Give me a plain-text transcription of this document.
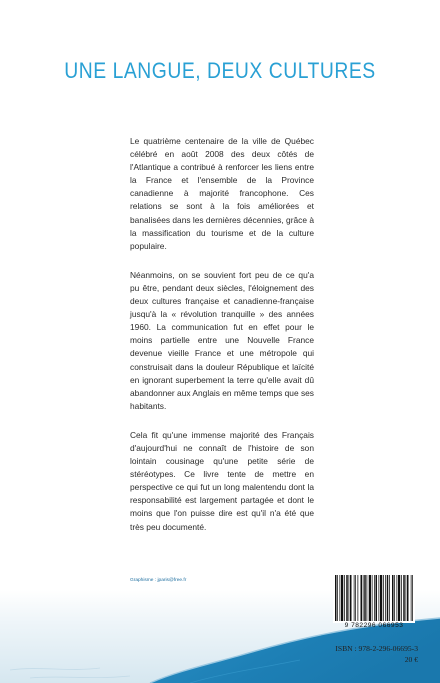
UNE LANGUE, DEUX CULTURES

Le quatrième centenaire de la ville de Québec célébré en août 2008 des deux côtés de l'Atlantique a contribué à renforcer les liens entre la France et l'ensemble de la Province canadienne à majorité francophone. Ces relations se sont à la fois améliorées et banalisées dans les dernières décennies, grâce à la massification du tourisme et de la culture populaire.

Néanmoins, on se souvient fort peu de ce qu'a pu être, pendant deux siècles, l'éloignement des deux cultures française et canadienne-française jusqu'à la « révolution tranquille » des années 1960. La communication fut en effet pour le moins partielle entre une Nouvelle France devenue vieille France et une métropole qui construisait dans la douleur République et laïcité en ignorant superbement la terre qu'elle avait dû abandonner aux Anglais en même temps que ses habitants.

Cela fit qu'une immense majorité des Français d'aujourd'hui ne connaît de l'histoire de son lointain cousinage qu'une petite série de stéréotypes. Ce livre tente de mettre en perspective ce qui fut un long malentendu dont la responsabilité est largement partagée et dont le moins que l'on puisse dire est qu'il n'a été que très peu documenté.

Graphisme : jparis@free.fr
9 782296 066953
ISBN : 978-2-296-06695-3
20 €
